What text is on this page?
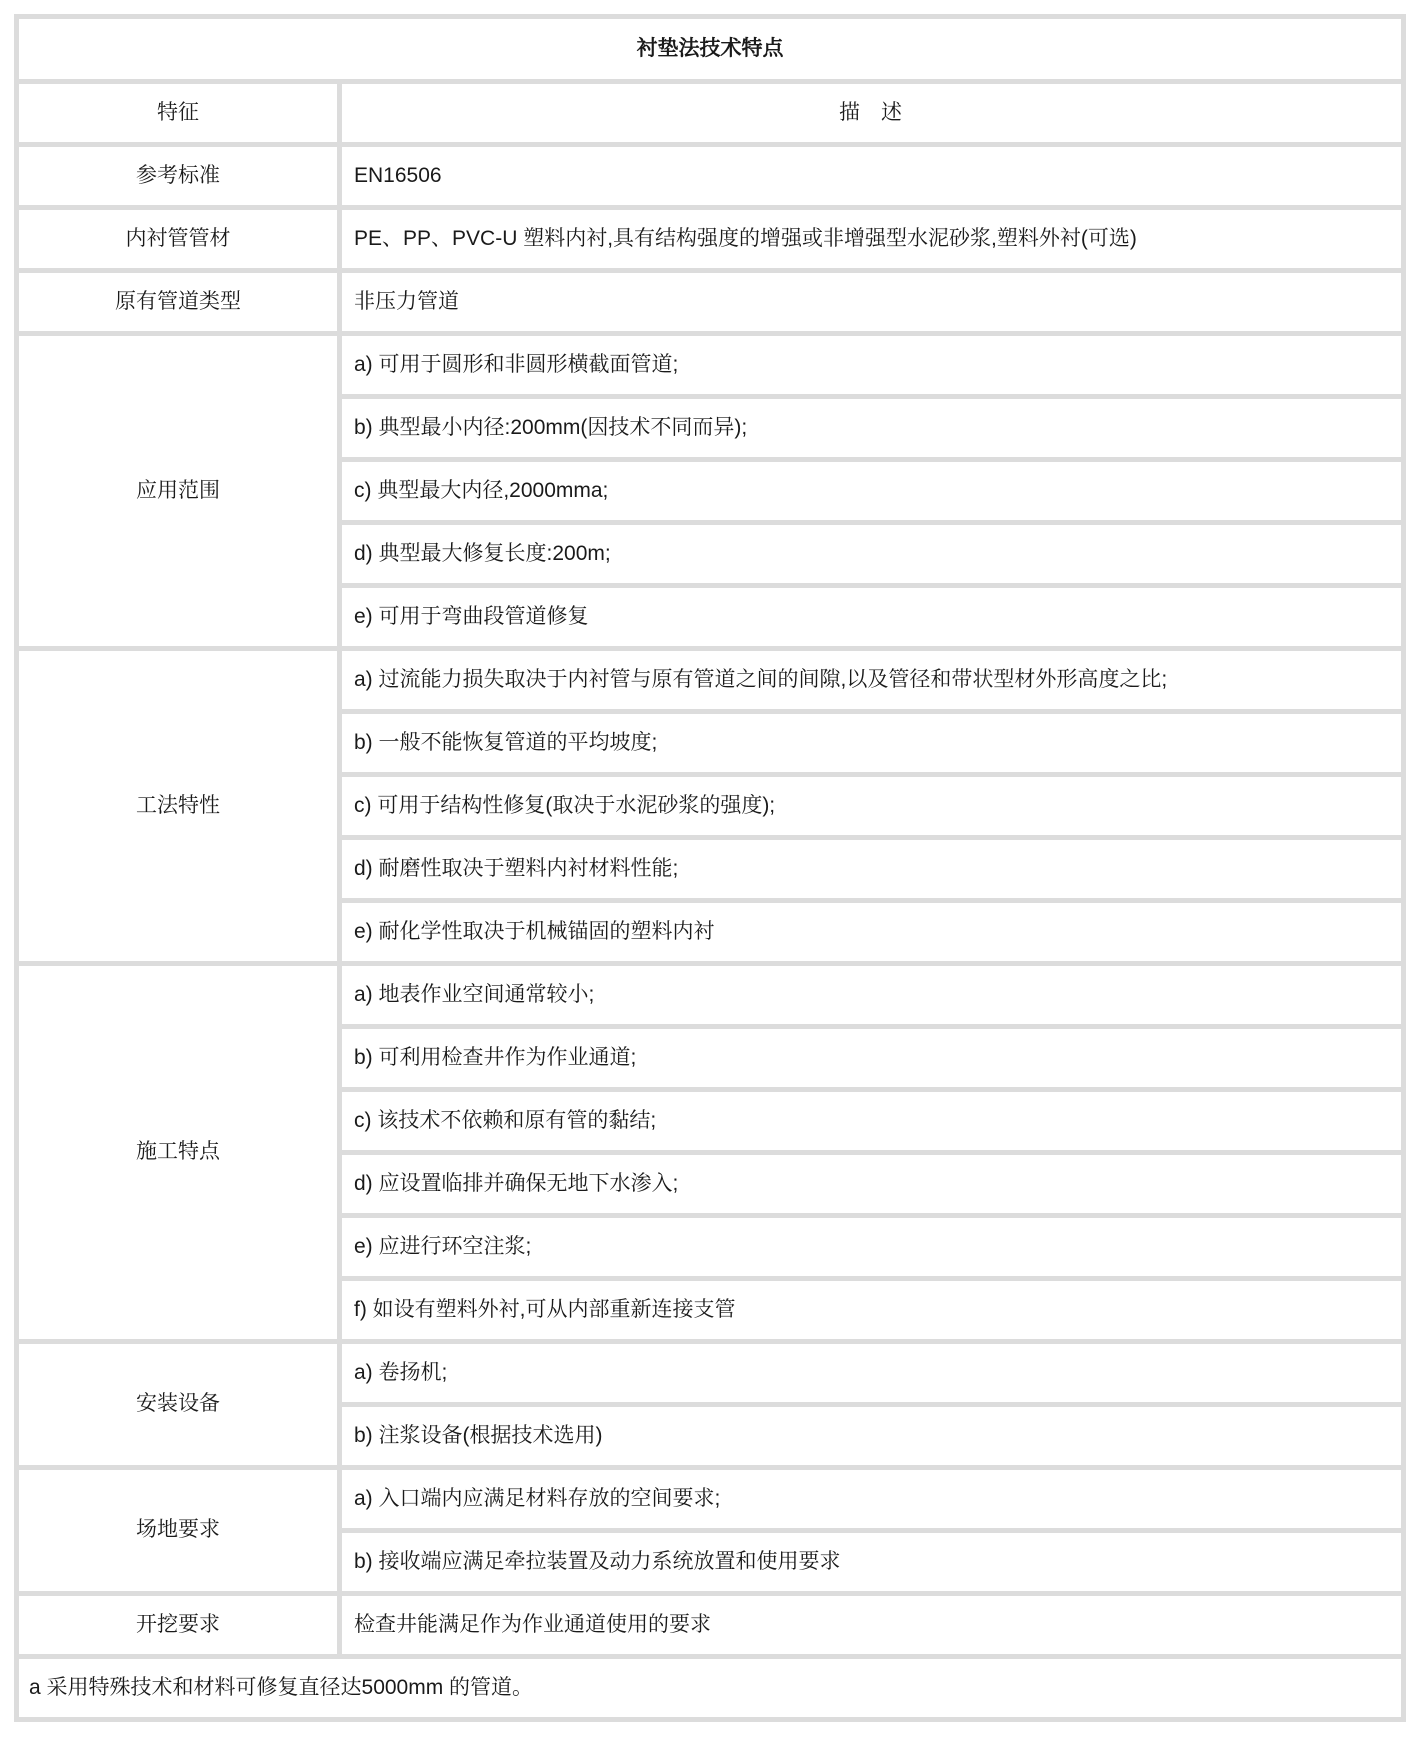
衬垫法技术特点	
特征	描　述
参考标准	EN16506
内衬管管材	PE、PP、PVC-U 塑料内衬,具有结构强度的增强或非增强型水泥砂浆,塑料外衬(可选)
原有管道类型	非压力管道
应用范围	a) 可用于圆形和非圆形横截面管道;
	b) 典型最小内径:200mm(因技术不同而异);
	c) 典型最大内径,2000mma;
	d) 典型最大修复长度:200m;
	e) 可用于弯曲段管道修复
工法特性	a) 过流能力损失取决于内衬管与原有管道之间的间隙,以及管径和带状型材外形高度之比;
	b) 一般不能恢复管道的平均坡度;
	c) 可用于结构性修复(取决于水泥砂浆的强度);
	d) 耐磨性取决于塑料内衬材料性能;
	e) 耐化学性取决于机械锚固的塑料内衬
施工特点	a) 地表作业空间通常较小;
	b) 可利用检查井作为作业通道;
	c) 该技术不依赖和原有管的黏结;
	d) 应设置临排并确保无地下水渗入;
	e) 应进行环空注浆;
	f) 如设有塑料外衬,可从内部重新连接支管
安装设备	a) 卷扬机;
	b) 注浆设备(根据技术选用)
场地要求	a) 入口端内应满足材料存放的空间要求;
	b) 接收端应满足牵拉装置及动力系统放置和使用要求
开挖要求	检查井能满足作为作业通道使用的要求
a 采用特殊技术和材料可修复直径达5000mm 的管道。	
